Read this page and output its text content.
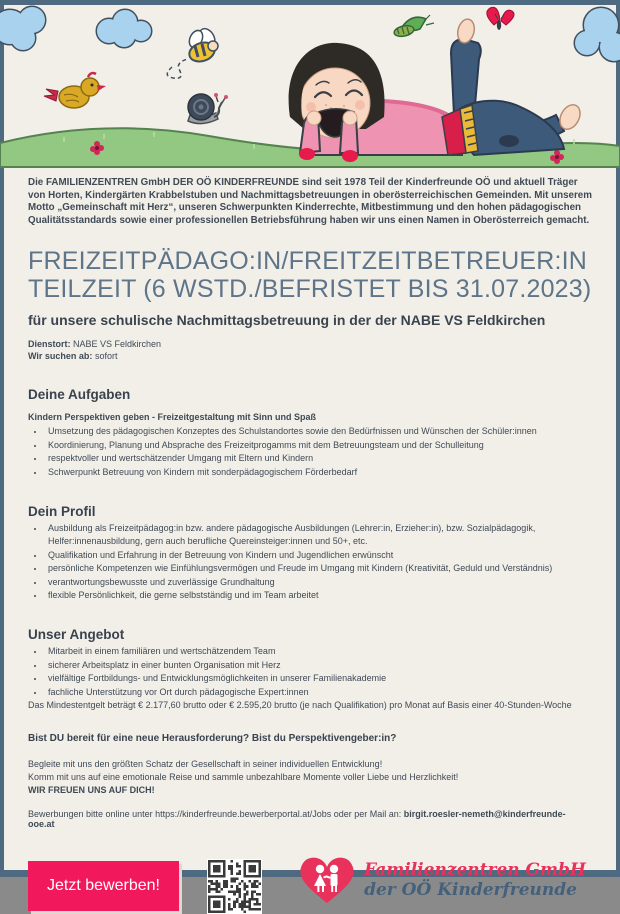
Die FAMILIENZENTREN GmbH DER OÖ KINDERFREUNDE sind seit 1978 Teil der Kinderfreunde OÖ und aktuell Träger von Horten, Kindergärten Krabbelstuben und Nachmittagsbetreuungen in oberösterreichischen Gemeinden. Mit unserem Motto „Gemeinschaft mit Herz“, unseren Schwerpunkten Kinderrechte, Mitbestimmung und den hohen pädagogischen Qualitätsstandards sowie einer professionellen Betriebsführung haben wir uns einen Namen in Oberösterreich gemacht.

FREIZEITPÄDAGO:IN/FREITZEITBETREUER:IN
TEILZEIT (6 WSTD./BEFRISTET BIS 31.07.2023)

für unsere schulische Nachmittagsbetreuung in der der NABE VS Feldkirchen

Dienstort: NABE VS Feldkirchen
Wir suchen ab: sofort
Deine Aufgaben

Kindern Perspektiven geben - Freizeitgestaltung mit Sinn und Spaß

• Umsetzung des pädagogischen Konzeptes des Schulstandortes sowie den Bedürfnissen und Wünschen der Schüler:innen
• Koordinierung, Planung und Absprache des Freizeitprogamms mit dem Betreuungsteam und der Schulleitung
• respektvoller und wertschätzender Umgang mit Eltern und Kindern
• Schwerpunkt Betreuung von Kindern mit sonderpädagogischem Förderbedarf
Dein Profil
• Ausbildung als Freizeitpädagog:in bzw. andere pädagogische Ausbildungen (Lehrer:in, Erzieher:in), bzw. Sozialpädagogik, Helfer:innenausbildung, gern auch berufliche Quereinsteiger:innen und 50+, etc.
• Qualifikation und Erfahrung in der Betreuung von Kindern und Jugendlichen erwünscht
• persönliche Kompetenzen wie Einfühlungsvermögen und Freude im Umgang mit Kindern (Kreativität, Geduld und Verständnis)
• verantwortungsbewusste und zuverlässige Grundhaltung
• flexible Persönlichkeit, die gerne selbstständig und im Team arbeitet
Unser Angebot
• Mitarbeit in einem familiären und wertschätzendem Team
• sicherer Arbeitsplatz in einer bunten Organisation mit Herz
• vielfältige Fortbildungs- und Entwicklungsmöglichkeiten in unserer Familienakademie
• fachliche Unterstützung vor Ort durch pädagogische Expert:innen

Das Mindestentgelt beträgt € 2.177,60 brutto oder € 2.595,20 brutto (je nach Qualifikation) pro Monat auf Basis einer 40-Stunden-Woche

Bist DU bereit für eine neue Herausforderung? Bist du Perspektivengeber:in?

Begleite mit uns den größten Schatz der Gesellschaft in seiner individuellen Entwicklung!
Komm mit uns auf eine emotionale Reise und sammle unbezahlbare Momente voller Liebe und Herzlichkeit!
WIR FREUEN UNS AUF DICH!

Bewerbungen bitte online unter https://kinderfreunde.bewerberportal.at/Jobs oder per Mail an: birgit.roesler-nemeth@kinderfreunde-ooe.at

Jetzt bewerben!
Familienzentren GmbH
der OÖ Kinderfreunde
